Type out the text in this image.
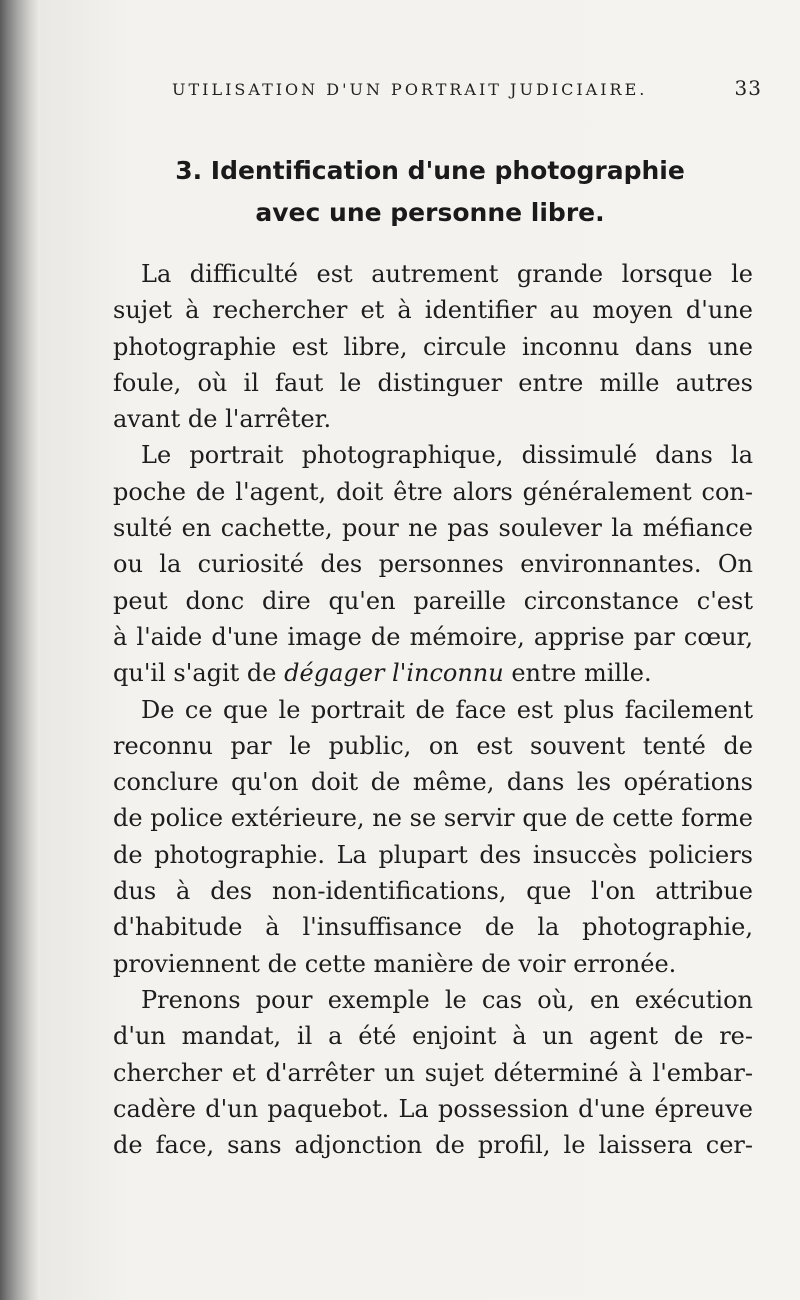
UTILISATION D'UN PORTRAIT JUDICIAIRE.	33
3. Identification d'une photographie
avec une personne libre.
La difficulté est autrement grande lorsque le
sujet à rechercher et à identifier au moyen d'une
photographie est libre, circule inconnu dans une
foule, où il faut le distinguer entre mille autres
avant de l'arrêter.
Le portrait photographique, dissimulé dans la
poche de l'agent, doit être alors généralement con-
sulté en cachette, pour ne pas soulever la méfiance
ou la curiosité des personnes environnantes. On
peut donc dire qu'en pareille circonstance c'est
à l'aide d'une image de mémoire, apprise par cœur,
qu'il s'agit de dégager l'inconnu entre mille.
De ce que le portrait de face est plus facilement
reconnu par le public, on est souvent tenté de
conclure qu'on doit de même, dans les opérations
de police extérieure, ne se servir que de cette forme
de photographie. La plupart des insuccès policiers
dus à des non-identifications, que l'on attribue
d'habitude à l'insuffisance de la photographie,
proviennent de cette manière de voir erronée.
Prenons pour exemple le cas où, en exécution
d'un mandat, il a été enjoint à un agent de re-
chercher et d'arrêter un sujet déterminé à l'embar-
cadère d'un paquebot. La possession d'une épreuve
de face, sans adjonction de profil, le laissera cer-
